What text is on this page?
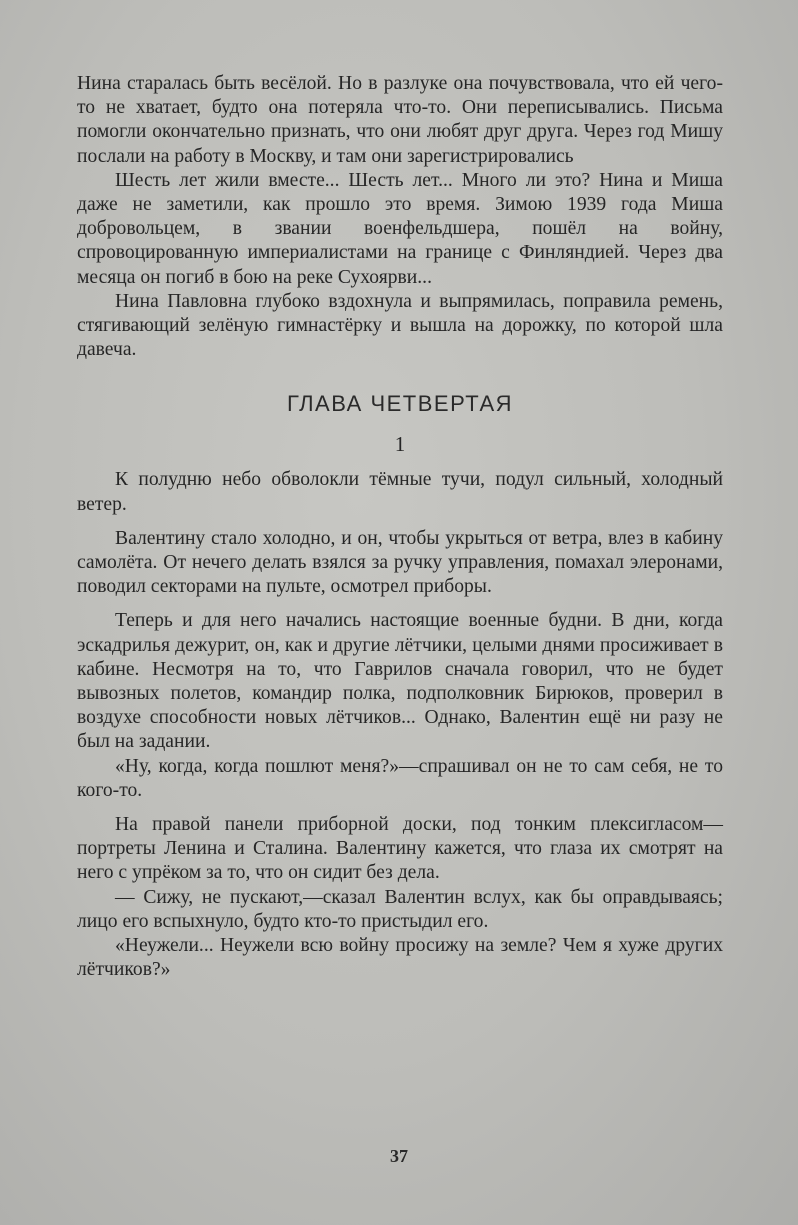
Нина старалась быть весёлой. Но в разлуке она почувствовала, что ей чего-то не хватает, будто она потеряла что-то. Они переписывались. Письма помогли окончательно признать, что они любят друг друга. Через год Мишу послали на работу в Москву, и там они зарегистрировались

Шесть лет жили вместе... Шесть лет... Много ли это? Нина и Миша даже не заметили, как прошло это время. Зимою 1939 года Миша добровольцем, в звании военфельдшера, пошёл на войну, спровоцированную империалистами на границе с Финляндией. Через два месяца он погиб в бою на реке Сухоярви...

Нина Павловна глубоко вздохнула и выпрямилась, поправила ремень, стягивающий зелёную гимнастёрку и вышла на дорожку, по которой шла давеча.

ГЛАВА ЧЕТВЕРТАЯ
1

К полудню небо обволокли тёмные тучи, подул сильный, холодный ветер.

Валентину стало холодно, и он, чтобы укрыться от ветра, влез в кабину самолёта. От нечего делать взялся за ручку управления, помахал элеронами, поводил секторами на пульте, осмотрел приборы.

Теперь и для него начались настоящие военные будни. В дни, когда эскадрилья дежурит, он, как и другие лётчики, целыми днями просиживает в кабине. Несмотря на то, что Гаврилов сначала говорил, что не будет вывозных полетов, командир полка, подполковник Бирюков, проверил в воздухе способности новых лётчиков... Однако, Валентин ещё ни разу не был на задании.

«Ну, когда, когда пошлют меня?»—спрашивал он не то сам себя, не то кого-то.

На правой панели приборной доски, под тонким плексигласом—портреты Ленина и Сталина. Валентину кажется, что глаза их смотрят на него с упрёком за то, что он сидит без дела.

— Сижу, не пускают,—сказал Валентин вслух, как бы оправдываясь; лицо его вспыхнуло, будто кто-то пристыдил его.

«Неужели... Неужели всю войну просижу на земле? Чем я хуже других лётчиков?»

37
